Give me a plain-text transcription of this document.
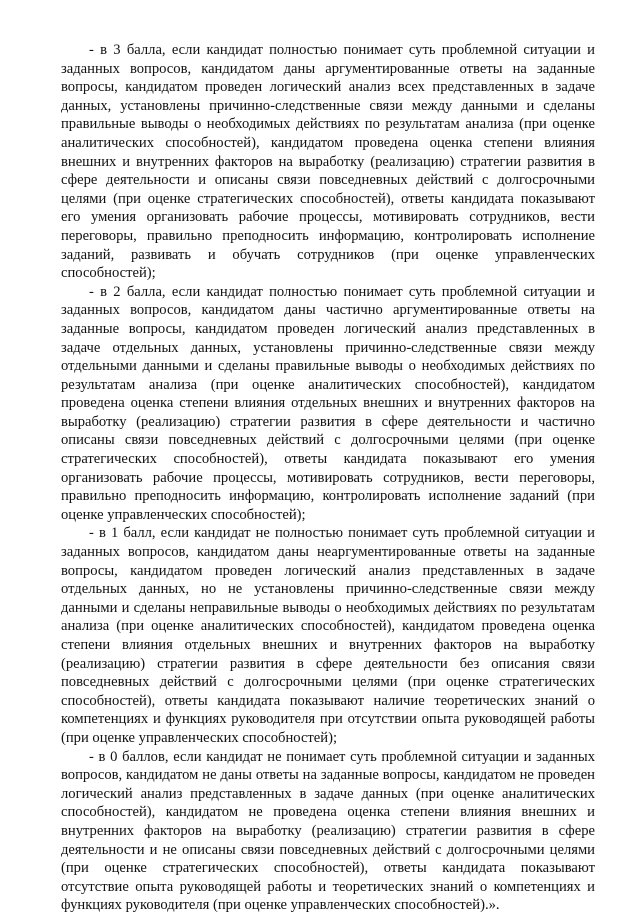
- в 3 балла, если кандидат полностью понимает суть проблемной ситуации и заданных вопросов, кандидатом даны аргументированные ответы на заданные вопросы, кандидатом проведен логический анализ всех представленных в задаче данных, установлены причинно-следственные связи между данными и сделаны правильные выводы о необходимых действиях по результатам анализа (при оценке аналитических способностей), кандидатом проведена оценка степени влияния внешних и внутренних факторов на выработку (реализацию) стратегии развития в сфере деятельности и описаны связи повседневных действий с долгосрочными целями (при оценке стратегических способностей), ответы кандидата показывают его умения организовать рабочие процессы, мотивировать сотрудников, вести переговоры, правильно преподносить информацию, контролировать исполнение заданий, развивать и обучать сотрудников (при оценке управленческих способностей);

- в 2 балла, если кандидат полностью понимает суть проблемной ситуации и заданных вопросов, кандидатом даны частично аргументированные ответы на заданные вопросы, кандидатом проведен логический анализ представленных в задаче отдельных данных, установлены причинно-следственные связи между отдельными данными и сделаны правильные выводы о необходимых действиях по результатам анализа (при оценке аналитических способностей), кандидатом проведена оценка степени влияния отдельных внешних и внутренних факторов на выработку (реализацию) стратегии развития в сфере деятельности и частично описаны связи повседневных действий с долгосрочными целями (при оценке стратегических способностей), ответы кандидата показывают его умения организовать рабочие процессы, мотивировать сотрудников, вести переговоры, правильно преподносить информацию, контролировать исполнение заданий (при оценке управленческих способностей);

- в 1 балл, если кандидат не полностью понимает суть проблемной ситуации и заданных вопросов, кандидатом даны неаргументированные ответы на заданные вопросы, кандидатом проведен логический анализ представленных в задаче отдельных данных, но не установлены причинно-следственные связи между данными и сделаны неправильные выводы о необходимых действиях по результатам анализа (при оценке аналитических способностей), кандидатом проведена оценка степени влияния отдельных внешних и внутренних факторов на выработку (реализацию) стратегии развития в сфере деятельности без описания связи повседневных действий с долгосрочными целями (при оценке стратегических способностей), ответы кандидата показывают наличие теоретических знаний о компетенциях и функциях руководителя при отсутствии опыта руководящей работы (при оценке управленческих способностей);

- в 0 баллов, если кандидат не понимает суть проблемной ситуации и заданных вопросов, кандидатом не даны ответы на заданные вопросы, кандидатом не проведен логический анализ представленных в задаче данных (при оценке аналитических способностей), кандидатом не проведена оценка степени влияния внешних и внутренних факторов на выработку (реализацию) стратегии развития в сфере деятельности и не описаны связи повседневных действий с долгосрочными целями (при оценке стратегических способностей), ответы кандидата показывают отсутствие опыта руководящей работы и теоретических знаний о компетенциях и функциях руководителя (при оценке управленческих способностей).».
